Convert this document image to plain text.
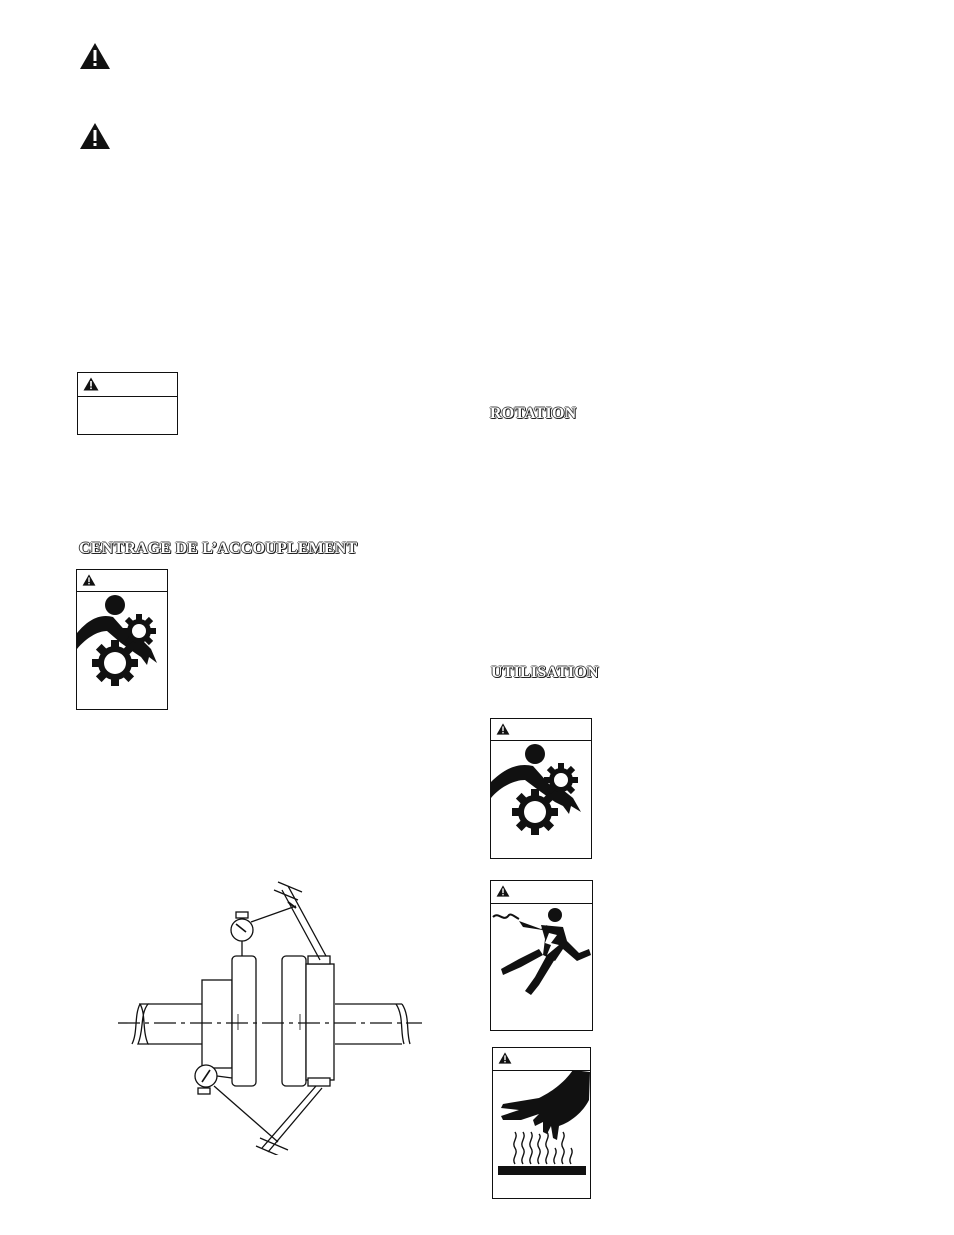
CENTRAGE DE L’ACCOUPLEMENT
ROTATION
UTILISATION
